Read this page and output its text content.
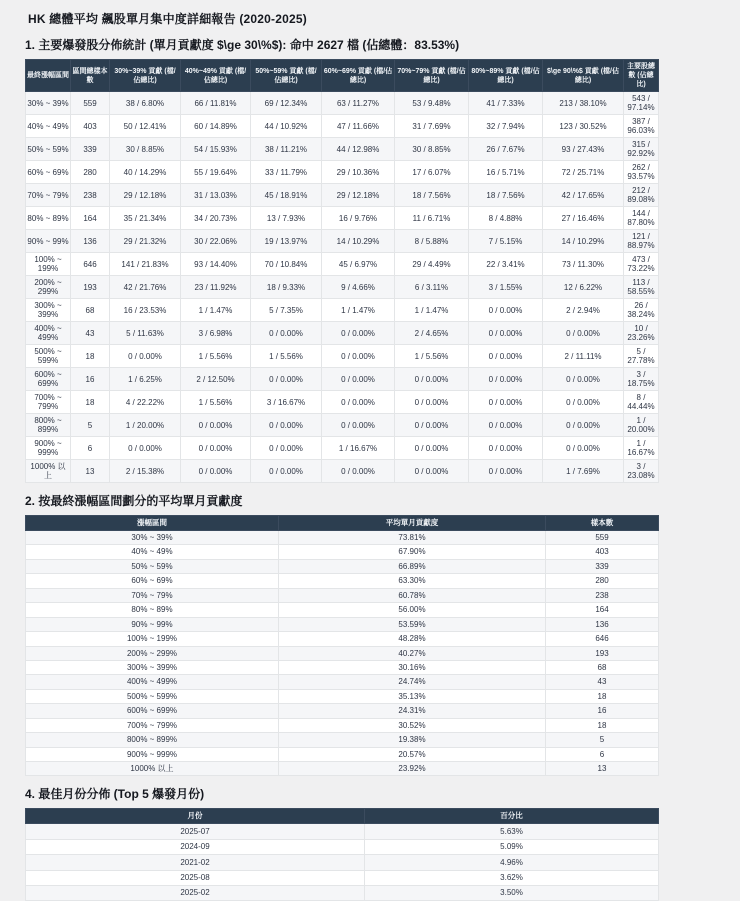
HK 總體平均 飆股單月集中度詳細報告 (2020-2025)
1. 主要爆發股分佈統計 (單月貢獻度 $\ge 30\%$): 命中 2627 檔 (佔總體：83.53%)
最終漲幅區間	區間總樣本數	30%~39% 貢獻 (檔/佔總比)	40%~49% 貢獻 (檔/佔總比)	50%~59% 貢獻 (檔/佔總比)	60%~69% 貢獻 (檔/佔總比)	70%~79% 貢獻 (檔/佔總比)	80%~89% 貢獻 (檔/佔總比)	$\ge 90\%$ 貢獻 (檔/佔總比)	主要股總數 (佔總比)
30% ~ 39%	559	38 / 6.80%	66 / 11.81%	69 / 12.34%	63 / 11.27%	53 / 9.48%	41 / 7.33%	213 / 38.10%	543 / 97.14%
40% ~ 49%	403	50 / 12.41%	60 / 14.89%	44 / 10.92%	47 / 11.66%	31 / 7.69%	32 / 7.94%	123 / 30.52%	387 / 96.03%
50% ~ 59%	339	30 / 8.85%	54 / 15.93%	38 / 11.21%	44 / 12.98%	30 / 8.85%	26 / 7.67%	93 / 27.43%	315 / 92.92%
60% ~ 69%	280	40 / 14.29%	55 / 19.64%	33 / 11.79%	29 / 10.36%	17 / 6.07%	16 / 5.71%	72 / 25.71%	262 / 93.57%
70% ~ 79%	238	29 / 12.18%	31 / 13.03%	45 / 18.91%	29 / 12.18%	18 / 7.56%	18 / 7.56%	42 / 17.65%	212 / 89.08%
80% ~ 89%	164	35 / 21.34%	34 / 20.73%	13 / 7.93%	16 / 9.76%	11 / 6.71%	8 / 4.88%	27 / 16.46%	144 / 87.80%
90% ~ 99%	136	29 / 21.32%	30 / 22.06%	19 / 13.97%	14 / 10.29%	8 / 5.88%	7 / 5.15%	14 / 10.29%	121 / 88.97%
100% ~ 199%	646	141 / 21.83%	93 / 14.40%	70 / 10.84%	45 / 6.97%	29 / 4.49%	22 / 3.41%	73 / 11.30%	473 / 73.22%
200% ~ 299%	193	42 / 21.76%	23 / 11.92%	18 / 9.33%	9 / 4.66%	6 / 3.11%	3 / 1.55%	12 / 6.22%	113 / 58.55%
300% ~ 399%	68	16 / 23.53%	1 / 1.47%	5 / 7.35%	1 / 1.47%	1 / 1.47%	0 / 0.00%	2 / 2.94%	26 / 38.24%
400% ~ 499%	43	5 / 11.63%	3 / 6.98%	0 / 0.00%	0 / 0.00%	2 / 4.65%	0 / 0.00%	0 / 0.00%	10 / 23.26%
500% ~ 599%	18	0 / 0.00%	1 / 5.56%	1 / 5.56%	0 / 0.00%	1 / 5.56%	0 / 0.00%	2 / 11.11%	5 / 27.78%
600% ~ 699%	16	1 / 6.25%	2 / 12.50%	0 / 0.00%	0 / 0.00%	0 / 0.00%	0 / 0.00%	0 / 0.00%	3 / 18.75%
700% ~ 799%	18	4 / 22.22%	1 / 5.56%	3 / 16.67%	0 / 0.00%	0 / 0.00%	0 / 0.00%	0 / 0.00%	8 / 44.44%
800% ~ 899%	5	1 / 20.00%	0 / 0.00%	0 / 0.00%	0 / 0.00%	0 / 0.00%	0 / 0.00%	0 / 0.00%	1 / 20.00%
900% ~ 999%	6	0 / 0.00%	0 / 0.00%	0 / 0.00%	1 / 16.67%	0 / 0.00%	0 / 0.00%	0 / 0.00%	1 / 16.67%
1000% 以上	13	2 / 15.38%	0 / 0.00%	0 / 0.00%	0 / 0.00%	0 / 0.00%	0 / 0.00%	1 / 7.69%	3 / 23.08%
2. 按最終漲幅區間劃分的平均單月貢獻度
漲幅區間	平均單月貢獻度	樣本數
30% ~ 39%	73.81%	559
40% ~ 49%	67.90%	403
50% ~ 59%	66.89%	339
60% ~ 69%	63.30%	280
70% ~ 79%	60.78%	238
80% ~ 89%	56.00%	164
90% ~ 99%	53.59%	136
100% ~ 199%	48.28%	646
200% ~ 299%	40.27%	193
300% ~ 399%	30.16%	68
400% ~ 499%	24.74%	43
500% ~ 599%	35.13%	18
600% ~ 699%	24.31%	16
700% ~ 799%	30.52%	18
800% ~ 899%	19.38%	5
900% ~ 999%	20.57%	6
1000% 以上	23.92%	13
4. 最佳月份分佈 (Top 5 爆發月份)
月份	百分比
2025-07	5.63%
2024-09	5.09%
2021-02	4.96%
2025-08	3.62%
2025-02	3.50%
